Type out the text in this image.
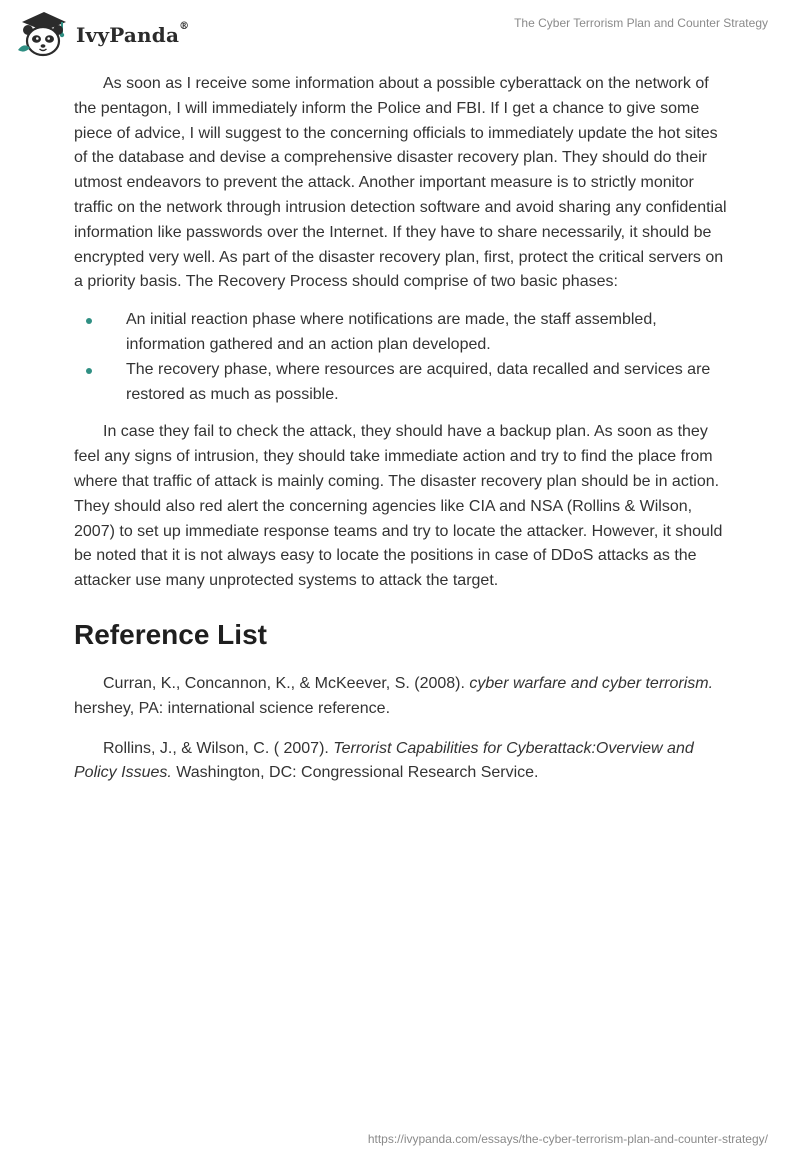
IvyPanda®	The Cyber Terrorism Plan and Counter Strategy

As soon as I receive some information about a possible cyberattack on the network of the pentagon, I will immediately inform the Police and FBI. If I get a chance to give some piece of advice, I will suggest to the concerning officials to immediately update the hot sites of the database and devise a comprehensive disaster recovery plan. They should do their utmost endeavors to prevent the attack. Another important measure is to strictly monitor traffic on the network through intrusion detection software and avoid sharing any confidential information like passwords over the Internet. If they have to share necessarily, it should be encrypted very well. As part of the disaster recovery plan, first, protect the critical servers on a priority basis. The Recovery Process should comprise of two basic phases:

An initial reaction phase where notifications are made, the staff assembled, information gathered and an action plan developed.
The recovery phase, where resources are acquired, data recalled and services are restored as much as possible.

In case they fail to check the attack, they should have a backup plan. As soon as they feel any signs of intrusion, they should take immediate action and try to find the place from where that traffic of attack is mainly coming. The disaster recovery plan should be in action. They should also red alert the concerning agencies like CIA and NSA (Rollins & Wilson, 2007) to set up immediate response teams and try to locate the attacker. However, it should be noted that it is not always easy to locate the positions in case of DDoS attacks as the attacker use many unprotected systems to attack the target.

Reference List

Curran, K., Concannon, K., & McKeever, S. (2008). cyber warfare and cyber terrorism. hershey, PA: international science reference.

Rollins, J., & Wilson, C. ( 2007). Terrorist Capabilities for Cyberattack:Overview and Policy Issues. Washington, DC: Congressional Research Service.

https://ivypanda.com/essays/the-cyber-terrorism-plan-and-counter-strategy/
